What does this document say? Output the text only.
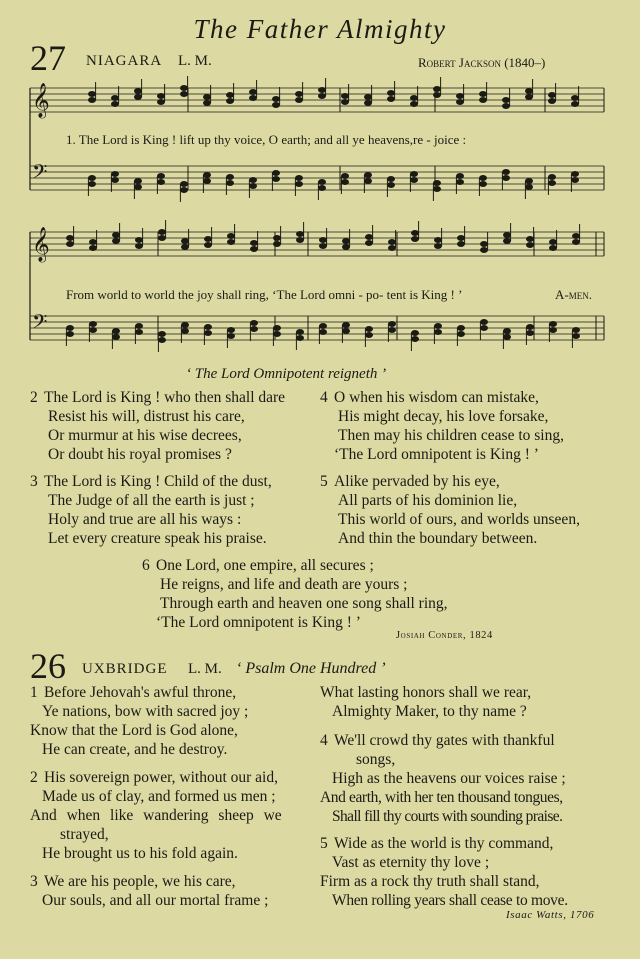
The Father Almighty
27 NIAGARA L. M.	Robert Jackson (1840–)
𝄞
𝄢
𝄞
𝄢
1. The Lord is King ! lift up thy voice, O earth; and all ye heavens,re - joice :
From world to world the joy shall ring, ‘The Lord omni - po- tent is King ! ’	A-men.
‘ The Lord Omnipotent reigneth ’
2 The Lord is King ! who then shall dare
Resist his will, distrust his care,
Or murmur at his wise decrees,
Or doubt his royal promises ?
3 The Lord is King ! Child of the dust,
The Judge of all the earth is just ;
Holy and true are all his ways :
Let every creature speak his praise.
4 O when his wisdom can mistake,
His might decay, his love forsake,
Then may his children cease to sing,
‘The Lord omnipotent is King ! ’
5 Alike pervaded by his eye,
All parts of his dominion lie,
This world of ours, and worlds unseen,
And thin the boundary between.
6 One Lord, one empire, all secures ;
He reigns, and life and death are yours ;
Through earth and heaven one song shall ring,
‘The Lord omnipotent is King ! ’
Josiah Conder, 1824
26 UXBRIDGE L. M. ‘ Psalm One Hundred ’
1 Before Jehovah's awful throne,
Ye nations, bow with sacred joy ;
Know that the Lord is God alone,
He can create, and he destroy.
2 His sovereign power, without our aid,
Made us of clay, and formed us men ;
And when like wandering sheep we
strayed,
He brought us to his fold again.
3 We are his people, we his care,
Our souls, and all our mortal frame ;
What lasting honors shall we rear,
Almighty Maker, to thy name ?
4 We'll crowd thy gates with thankful
songs,
High as the heavens our voices raise ;
And earth, with her ten thousand tongues,
Shall fill thy courts with sounding praise.
5 Wide as the world is thy command,
Vast as eternity thy love ;
Firm as a rock thy truth shall stand,
When rolling years shall cease to move.
Isaac Watts, 1706
